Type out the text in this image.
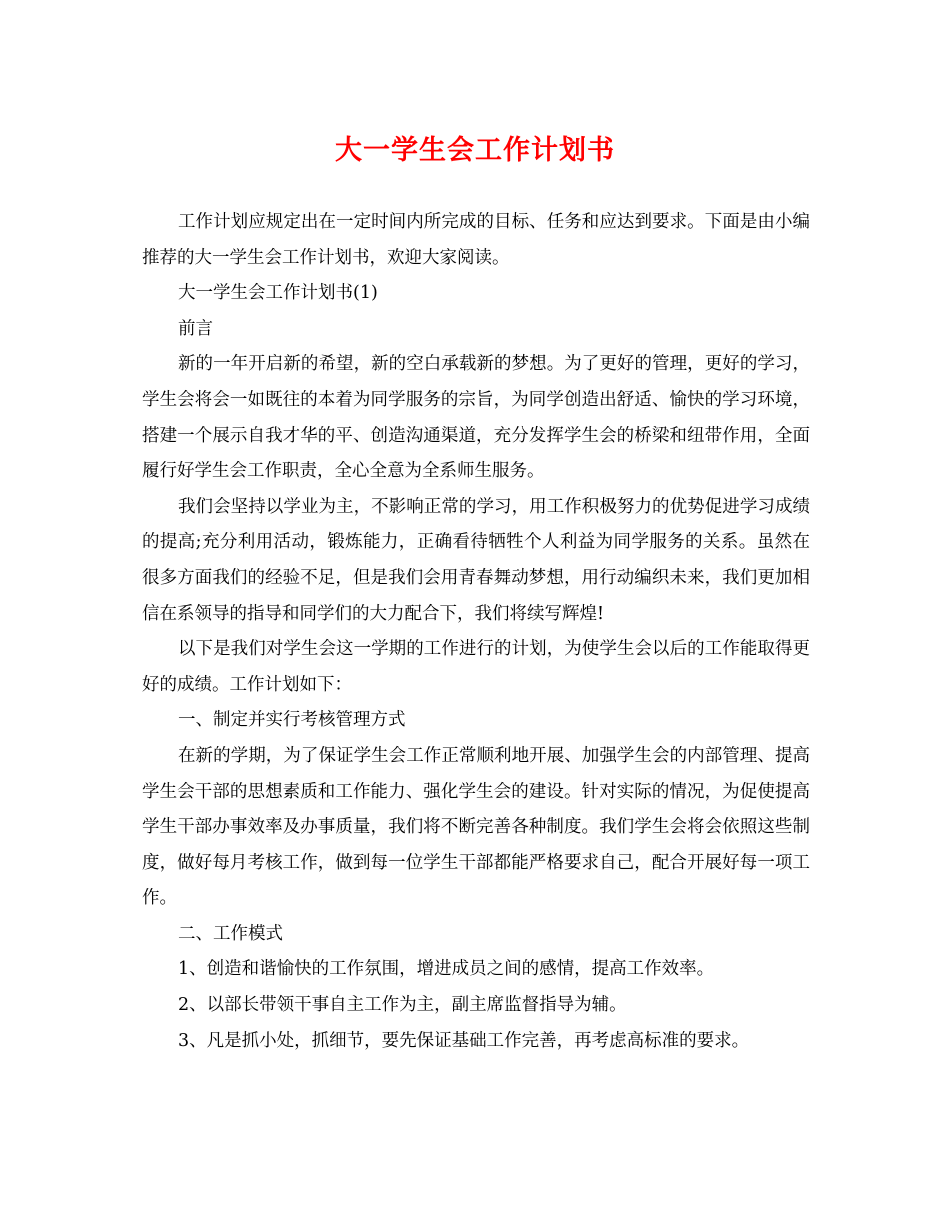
大一学生会工作计划书

工作计划应规定出在一定时间内所完成的目标、任务和应达到要求。下面是由小编推荐的大一学生会工作计划书，欢迎大家阅读。

大一学生会工作计划书(1)

前言

新的一年开启新的希望，新的空白承载新的梦想。为了更好的管理，更好的学习，学生会将会一如既往的本着为同学服务的宗旨，为同学创造出舒适、愉快的学习环境，搭建一个展示自我才华的平、创造沟通渠道，充分发挥学生会的桥梁和纽带作用，全面履行好学生会工作职责，全心全意为全系师生服务。

我们会坚持以学业为主，不影响正常的学习，用工作积极努力的优势促进学习成绩的提高;充分利用活动，锻炼能力，正确看待牺牲个人利益为同学服务的关系。虽然在很多方面我们的经验不足，但是我们会用青春舞动梦想，用行动编织未来，我们更加相信在系领导的指导和同学们的大力配合下，我们将续写辉煌!

以下是我们对学生会这一学期的工作进行的计划，为使学生会以后的工作能取得更好的成绩。工作计划如下：

一、制定并实行考核管理方式

在新的学期，为了保证学生会工作正常顺利地开展、加强学生会的内部管理、提高学生会干部的思想素质和工作能力、强化学生会的建设。针对实际的情况，为促使提高学生干部办事效率及办事质量，我们将不断完善各种制度。我们学生会将会依照这些制度，做好每月考核工作，做到每一位学生干部都能严格要求自己，配合开展好每一项工作。

二、工作模式

1、创造和谐愉快的工作氛围，增进成员之间的感情，提高工作效率。

2、以部长带领干事自主工作为主，副主席监督指导为辅。

3、凡是抓小处，抓细节，要先保证基础工作完善，再考虑高标准的要求。
